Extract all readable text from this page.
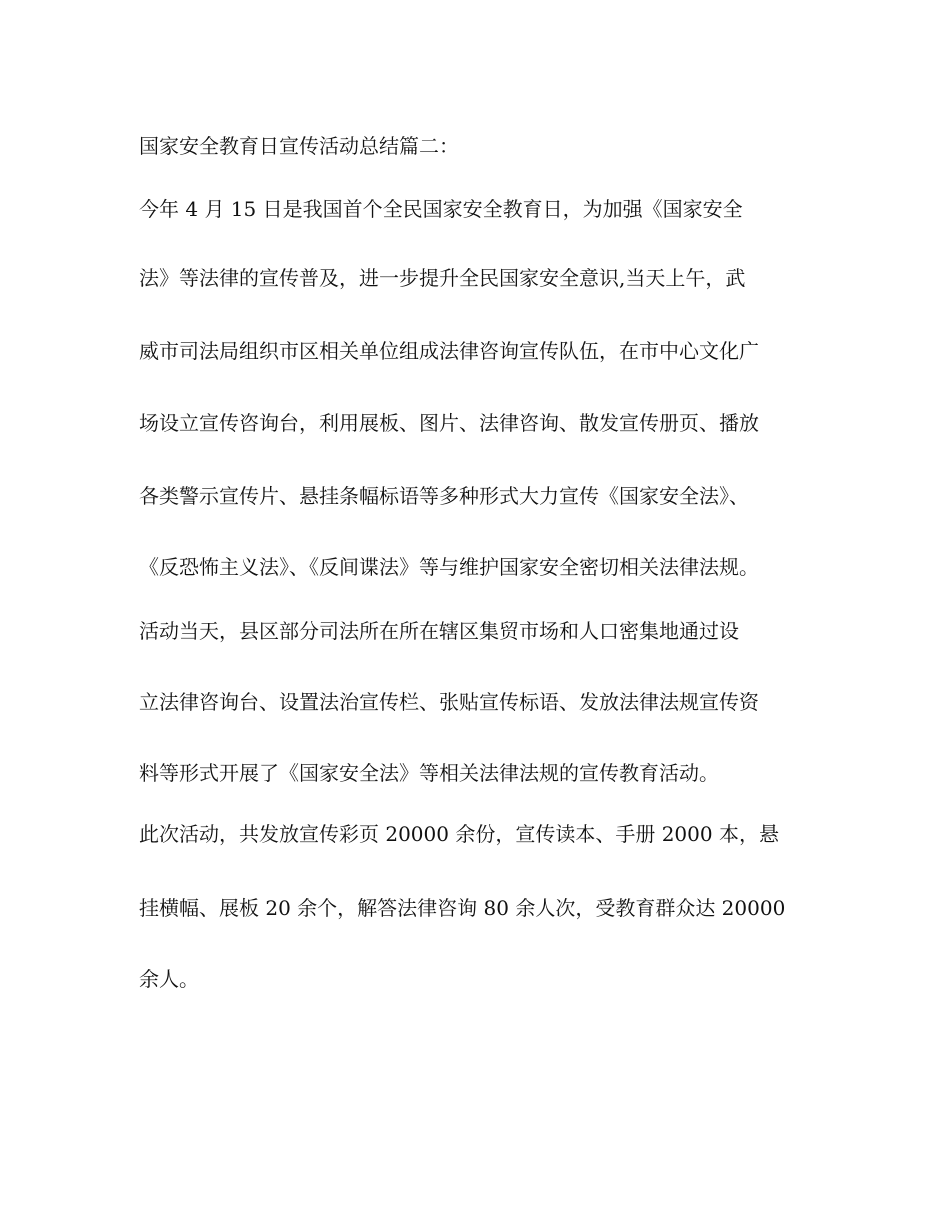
国家安全教育日宣传活动总结篇二：

今年 4 月 15 日是我国首个全民国家安全教育日，为加强《国家安全

法》等法律的宣传普及，进一步提升全民国家安全意识,当天上午，武

威市司法局组织市区相关单位组成法律咨询宣传队伍，在市中心文化广

场设立宣传咨询台，利用展板、图片、法律咨询、散发宣传册页、播放

各类警示宣传片、悬挂条幅标语等多种形式大力宣传《国家安全法》、

《反恐怖主义法》、《反间谍法》等与维护国家安全密切相关法律法规。

活动当天，县区部分司法所在所在辖区集贸市场和人口密集地通过设

立法律咨询台、设置法治宣传栏、张贴宣传标语、发放法律法规宣传资

料等形式开展了《国家安全法》等相关法律法规的宣传教育活动。

此次活动，共发放宣传彩页 20000 余份，宣传读本、手册 2000 本，悬

挂横幅、展板 20 余个，解答法律咨询 80 余人次，受教育群众达 20000

余人。
